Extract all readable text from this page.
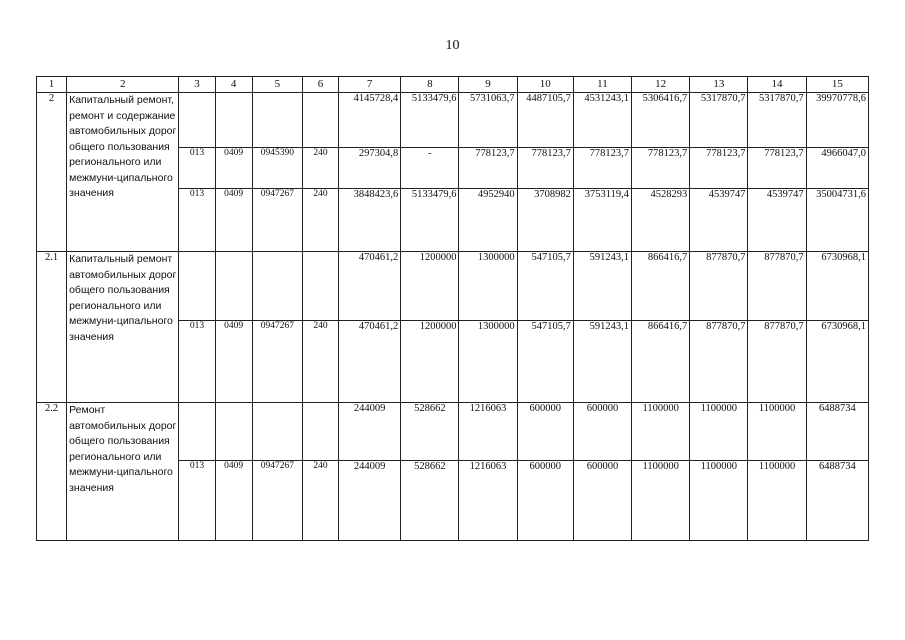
10
1	2	3	4	5	6	7	8	9	10	11	12	13	14	15
2	Капитальный ремонт, ремонт и содержание автомобильных дорог общего пользования регионального или межмуни-ципального значения					4145728,4	5133479,6	5731063,7	4487105,7	4531243,1	5306416,7	5317870,7	5317870,7	39970778,6
		013	0409	0945390	240	297304,8	-	778123,7	778123,7	778123,7	778123,7	778123,7	778123,7	4966047,0
		013	0409	0947267	240	3848423,6	5133479,6	4952940	3708982	3753119,4	4528293	4539747	4539747	35004731,6
2.1	Капитальный ремонт автомобильных дорог общего пользования регионального или межмуни-ципального значения					470461,2	1200000	1300000	547105,7	591243,1	866416,7	877870,7	877870,7	6730968,1
		013	0409	0947267	240	470461,2	1200000	1300000	547105,7	591243,1	866416,7	877870,7	877870,7	6730968,1
2.2	Ремонт автомобильных дорог общего пользования регионального или межмуни-ципального значения					244009	528662	1216063	600000	600000	1100000	1100000	1100000	6488734
		013	0409	0947267	240	244009	528662	1216063	600000	600000	1100000	1100000	1100000	6488734
